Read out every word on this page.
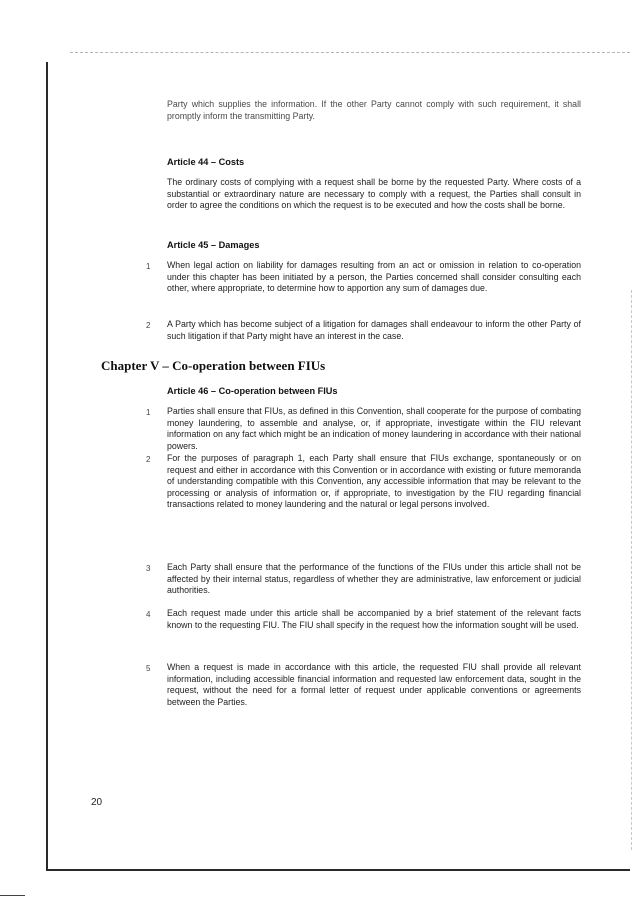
Party which supplies the information. If the other Party cannot comply with such requirement, it shall promptly inform the transmitting Party.

Article 44 – Costs

The ordinary costs of complying with a request shall be borne by the requested Party. Where costs of a substantial or extraordinary nature are necessary to comply with a request, the Parties shall consult in order to agree the conditions on which the request is to be executed and how the costs shall be borne.

Article 45 – Damages

1 When legal action on liability for damages resulting from an act or omission in relation to co-operation under this chapter has been initiated by a person, the Parties concerned shall consider consulting each other, where appropriate, to determine how to apportion any sum of damages due.

2 A Party which has become subject of a litigation for damages shall endeavour to inform the other Party of such litigation if that Party might have an interest in the case.

Chapter V – Co-operation between FIUs

Article 46 – Co-operation between FIUs

1 Parties shall ensure that FIUs, as defined in this Convention, shall cooperate for the purpose of combating money laundering, to assemble and analyse, or, if appropriate, investigate within the FIU relevant information on any fact which might be an indication of money laundering in accordance with their national powers.

2 For the purposes of paragraph 1, each Party shall ensure that FIUs exchange, spontaneously or on request and either in accordance with this Convention or in accordance with existing or future memoranda of understanding compatible with this Convention, any accessible information that may be relevant to the processing or analysis of information or, if appropriate, to investigation by the FIU regarding financial transactions related to money laundering and the natural or legal persons involved.

3 Each Party shall ensure that the performance of the functions of the FIUs under this article shall not be affected by their internal status, regardless of whether they are administrative, law enforcement or judicial authorities.

4 Each request made under this article shall be accompanied by a brief statement of the relevant facts known to the requesting FIU. The FIU shall specify in the request how the information sought will be used.

5 When a request is made in accordance with this article, the requested FIU shall provide all relevant information, including accessible financial information and requested law enforcement data, sought in the request, without the need for a formal letter of request under applicable conventions or agreements between the Parties.

20
